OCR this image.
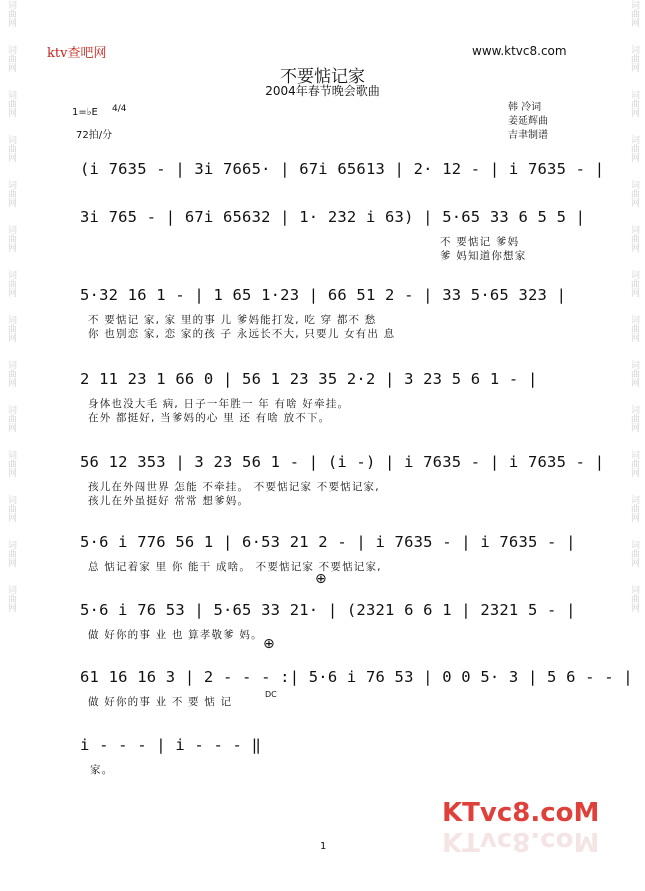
词曲网
词曲网
词曲网
词曲网
词曲网
词曲网
词曲网
词曲网
词曲网
词曲网
词曲网
词曲网
词曲网
词曲网
词曲网
词曲网
词曲网
词曲网
词曲网
词曲网
词曲网
词曲网
词曲网
词曲网
词曲网
词曲网
词曲网
词曲网
ktv查吧网	www.ktvc8.com
不要惦记家
2004年春节晚会歌曲
1=♭E 4/4
72拍/分
韩 冷词
姜延辉曲
吉聿制谱
(i 7635 - | 3i 7665· | 67i 65613 | 2· 12 - | i 7635 - |
3i 765 - | 67i 65632 | 1· 232 i 63) | 5·65 33 6 5 5 |
不 要惦记 爹妈
爹 妈知道你想家
5·32 16 1 - | 1 65 1·23 | 66 51 2 - | 33 5·65 323 |
不 要惦记 家, 家 里的事 儿 爹妈能打发, 吃 穿 都不 愁
你 也别恋 家, 恋 家的孩 子 永远长不大, 只要儿 女有出 息
2 11 23 1 66 0 | 56 1 23 35 2·2 | 3 23 5 6 1 - |
身体也没大毛 病, 日子一年胜一 年 有啥 好牵挂。
在外 都挺好, 当爹妈的心 里 还 有啥 放不下。
56 12 353 | 3 23 56 1 - | (i -) | i 7635 - | i 7635 - |
孩儿在外闯世界 怎能 不牵挂。 不要惦记家 不要惦记家,
孩儿在外虽挺好 常常 想爹妈。
5·6 i 776 56 1 | 6·53 21 2 - | i 7635 - | i 7635 - |
总 惦记着家 里 你 能干 成啥。 不要惦记家 不要惦记家,
5·6 i 76 53 | 5·65 33 21· | (2321 6 6 1 | 2321 5 - |
做 好你的事 业 也 算孝敬爹 妈。
61 16 16 3 | 2 - - - :| 5·6 i 76 53 | 0 0 5· 3 | 5 6 - - |
做 好你的事 业 不 要 惦 记
i - - - | i - - - ‖
家。
⊕
⊕
DC
KTvc8.coM
KTvc8.coM
1
